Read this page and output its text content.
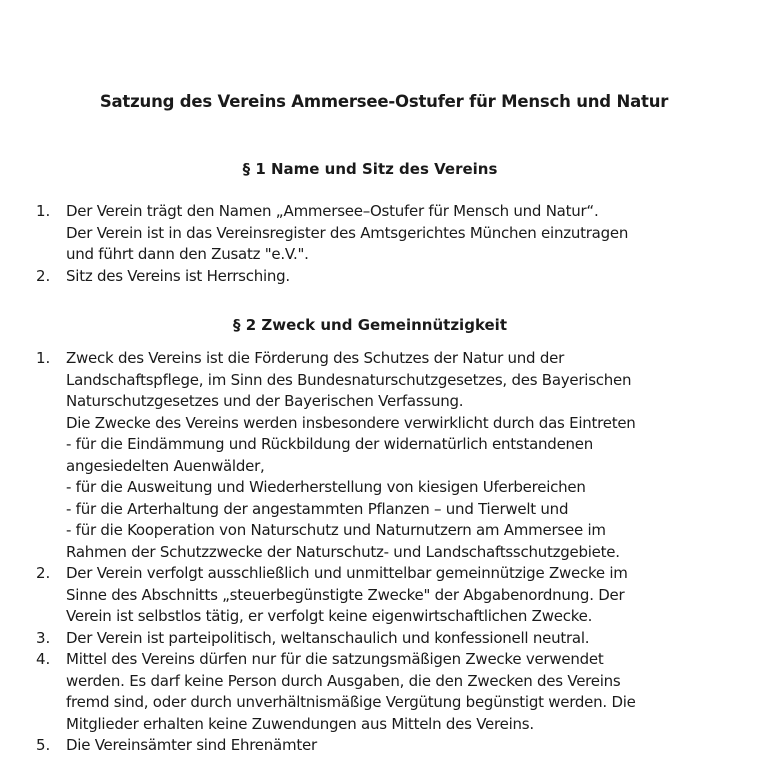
Satzung des Vereins Ammersee-Ostufer für Mensch und Natur
§ 1 Name und Sitz des Vereins
1. Der Verein trägt den Namen „Ammersee–Ostufer für Mensch und Natur“.
Der Verein ist in das Vereinsregister des Amtsgerichtes München einzutragen
und führt dann den Zusatz "e.V.".
2. Sitz des Vereins ist Herrsching.
§ 2 Zweck und Gemeinnützigkeit
1. Zweck des Vereins ist die Förderung des Schutzes der Natur und der
Landschaftspflege, im Sinn des Bundesnaturschutzgesetzes, des Bayerischen
Naturschutzgesetzes und der Bayerischen Verfassung.
Die Zwecke des Vereins werden insbesondere verwirklicht durch das Eintreten
- für die Eindämmung und Rückbildung der widernatürlich entstandenen
angesiedelten Auenwälder,
- für die Ausweitung und Wiederherstellung von kiesigen Uferbereichen
- für die Arterhaltung der angestammten Pflanzen – und Tierwelt und
- für die Kooperation von Naturschutz und Naturnutzern am Ammersee im
Rahmen der Schutzzwecke der Naturschutz- und Landschaftsschutzgebiete.
2. Der Verein verfolgt ausschließlich und unmittelbar gemeinnützige Zwecke im
Sinne des Abschnitts „steuerbegünstigte Zwecke" der Abgabenordnung. Der
Verein ist selbstlos tätig, er verfolgt keine eigenwirtschaftlichen Zwecke.
3. Der Verein ist parteipolitisch, weltanschaulich und konfessionell neutral.
4. Mittel des Vereins dürfen nur für die satzungsmäßigen Zwecke verwendet
werden. Es darf keine Person durch Ausgaben, die den Zwecken des Vereins
fremd sind, oder durch unverhältnismäßige Vergütung begünstigt werden. Die
Mitglieder erhalten keine Zuwendungen aus Mitteln des Vereins.
5. Die Vereinsämter sind Ehrenämter
